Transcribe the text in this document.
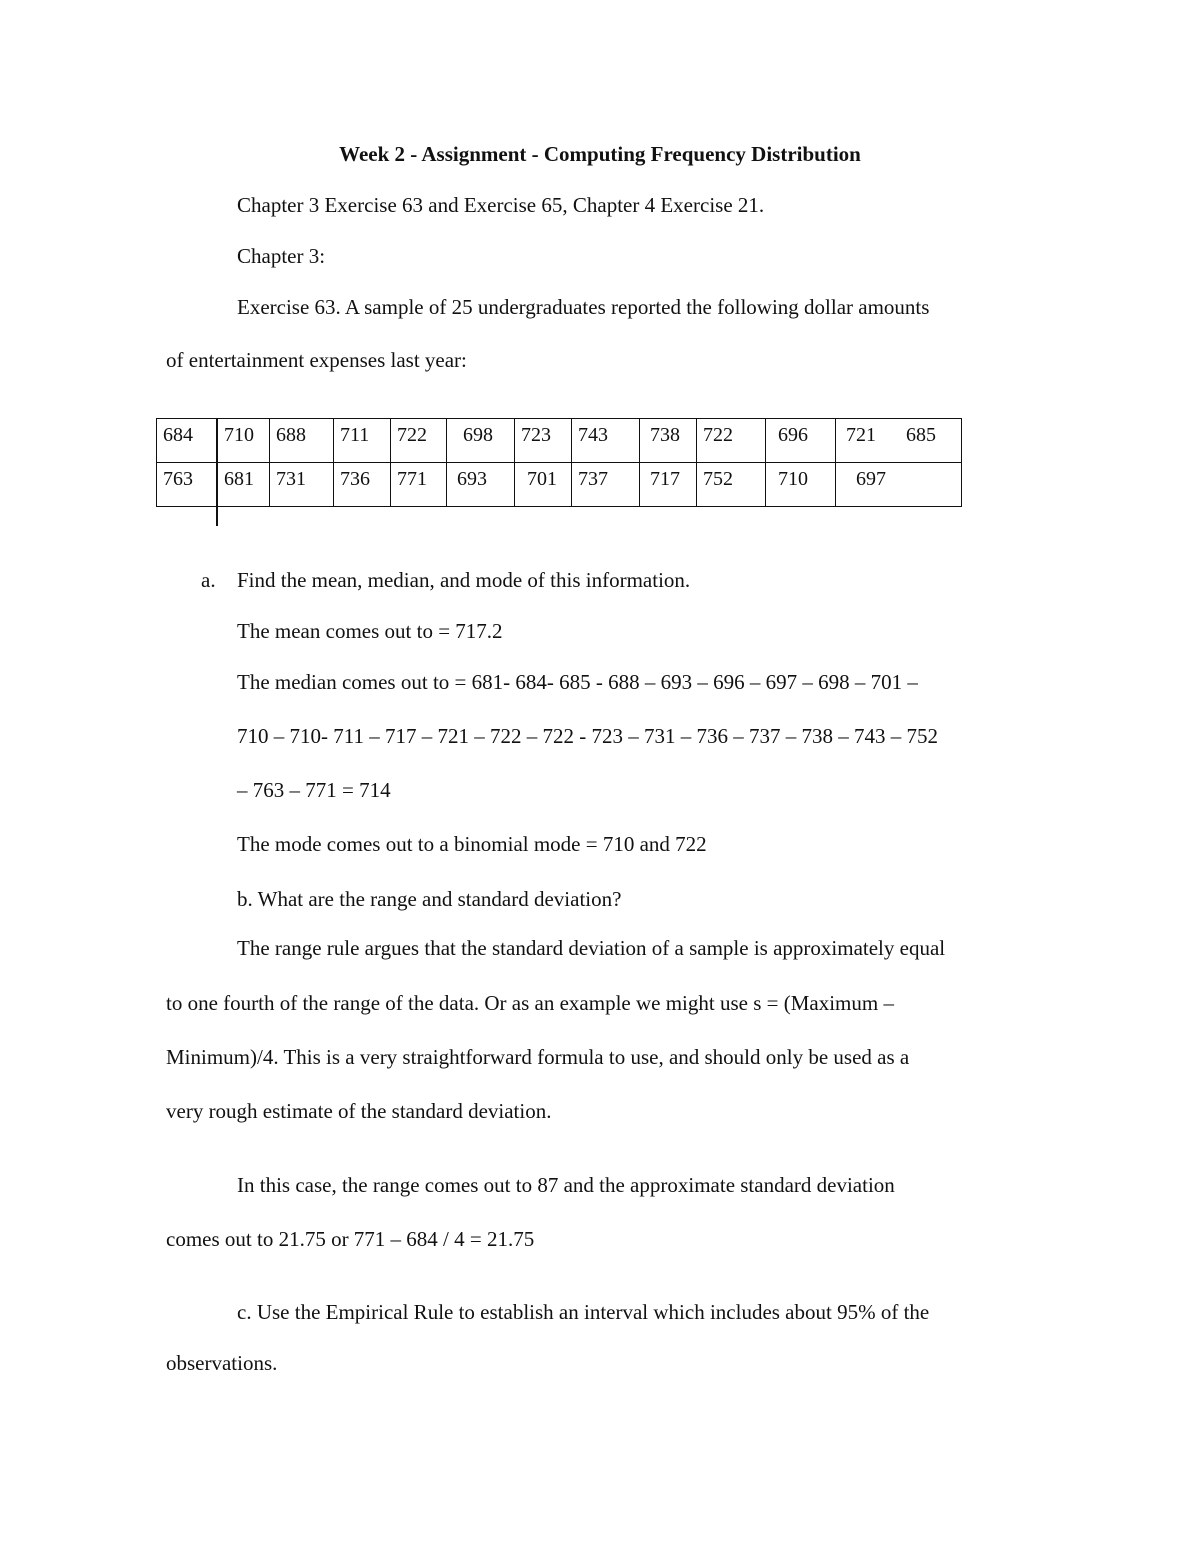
Week 2 - Assignment - Computing Frequency Distribution

Chapter 3 Exercise 63 and Exercise 65, Chapter 4 Exercise 21.

Chapter 3:

Exercise 63. A sample of 25 undergraduates reported the following dollar amounts

of entertainment expenses last year:

684	710	688	711	722	698	723	743	738	722	696	721      685
763	681	731	736	771	693	701	737	717	752	710	697
a. Find the mean, median, and mode of this information.

The mean comes out to = 717.2

The median comes out to = 681- 684- 685 - 688 – 693 – 696 – 697 – 698 – 701 –

710 – 710- 711 – 717 – 721 – 722 – 722 - 723 – 731 – 736 – 737 – 738 – 743 – 752

– 763 – 771 = 714

The mode comes out to a binomial mode = 710 and 722

b. What are the range and standard deviation?

The range rule argues that the standard deviation of a sample is approximately equal

to one fourth of the range of the data. Or as an example we might use s = (Maximum –

Minimum)/4. This is a very straightforward formula to use, and should only be used as a

very rough estimate of the standard deviation.

In this case, the range comes out to 87 and the approximate standard deviation

comes out to 21.75 or 771 – 684 / 4 = 21.75

c. Use the Empirical Rule to establish an interval which includes about 95% of the

observations.
